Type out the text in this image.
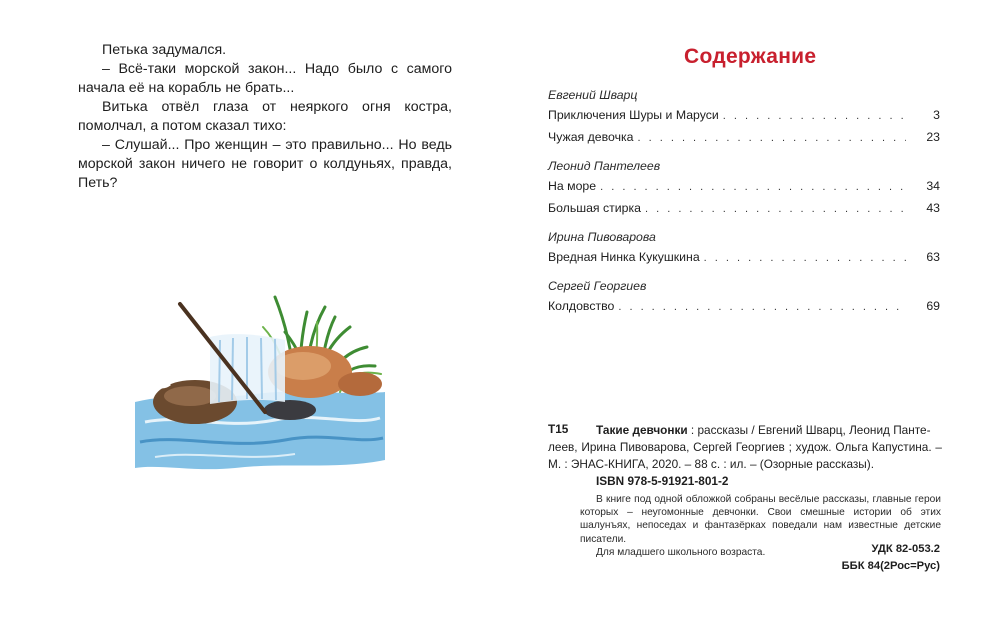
Петька задумался.

– Всё-таки морской закон... Надо было с самого начала её на корабль не брать...

Витька отвёл глаза от неяркого огня костра, помолчал, а потом сказал тихо:

– Слушай... Про женщин – это правильно... Но ведь морской закон ничего не говорит о колдуньях, правда, Петь?

Содержание
Евгений Шварц
Приключения Шуры и Маруси . . .	3
Чужая девочка . . .	23
Леонид Пантелеев
На море . . .	34
Большая стирка . . .	43
Ирина Пивоварова
Вредная Нинка Кукушкина . . .	63
Сергей Георгиев
Колдовство . . .	69
Т15 Такие девчонки : рассказы / Евгений Шварц, Леонид Панте-
леев, Ирина Пивоварова, Сергей Георгиев ; худож. Ольга Капустина. – М. : ЭНАС-КНИГА, 2020. – 88 с. : ил. – (Озорные рассказы).
ISBN 978-5-91921-801-2

В книге под одной обложкой собраны весёлые рассказы, главные герои которых – неугомонные девчонки. Свои смешные истории об этих шалунъях, непоседах и фантазёрках поведали нам известные детские писатели.

Для младшего школьного возраста.	УДК 82-053.2
ББК 84(2Рос=Рус)
